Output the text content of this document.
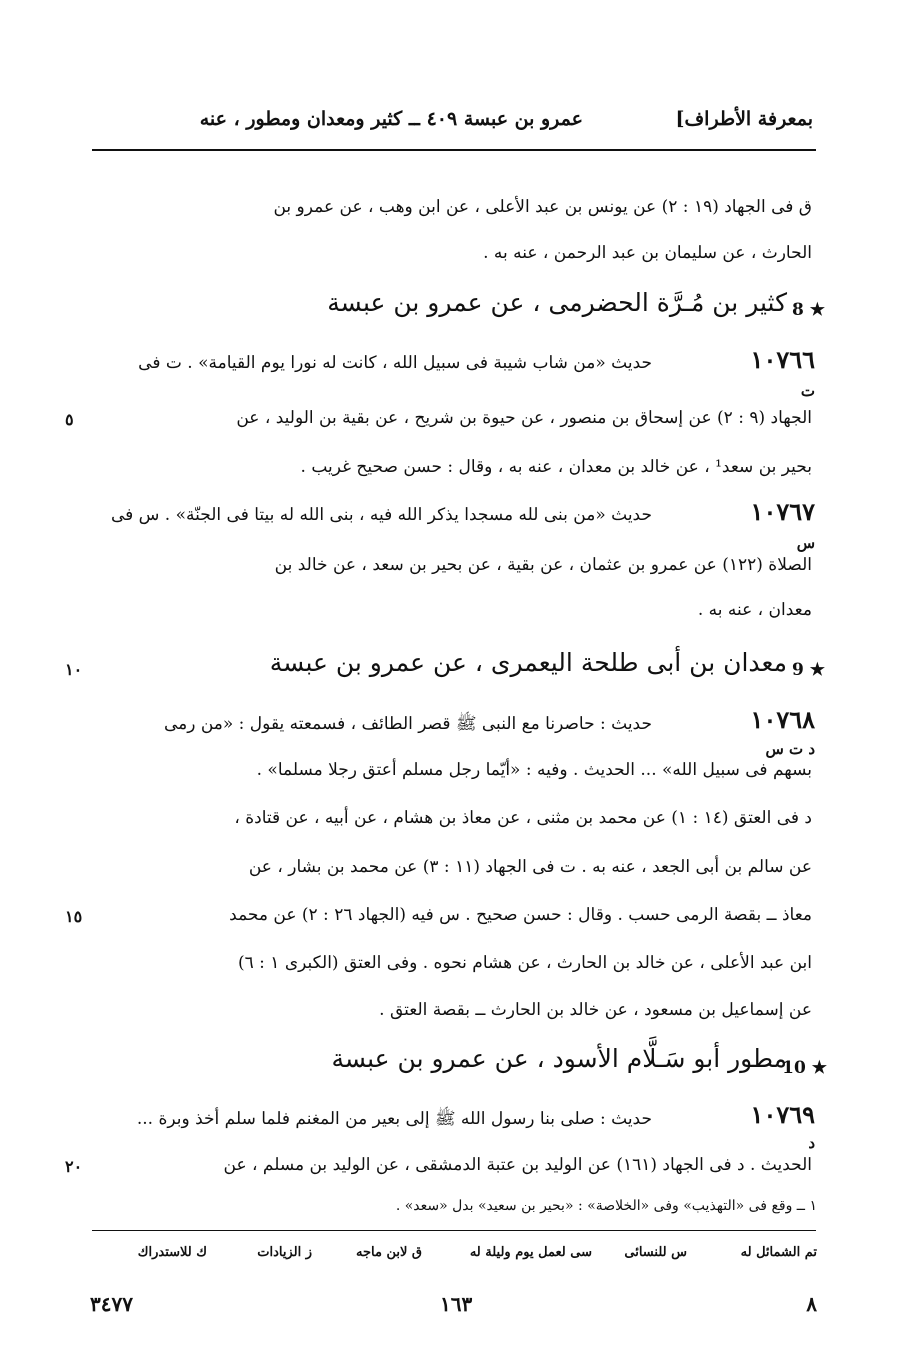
بمعرفة الأطراف]
عمرو بن عبسة ٤٠٩ ــ كثير ومعدان ومطور ، عنه
ق فى الجهاد (١٩ : ٢) عن يونس بن عبد الأعلى ، عن ابن وهب ، عن عمرو بن
الحارث ، عن سليمان بن عبد الرحمن ، عنه به .
8 ★
كثير بن مُـرَّة الحضرمى ، عن عمرو بن عبسة
١٠٧٦٦
ت
حديث «من شاب شيبة فى سبيل الله ، كانت له نورا يوم القيامة» . ت فى
الجهاد (٩ : ٢) عن إسحاق بن منصور ، عن حيوة بن شريح ، عن بقية بن الوليد ، عن
بحير بن سعد¹ ، عن خالد بن معدان ، عنه به ، وقال : حسن صحيح غريب .
٥
١٠٧٦٧
س
حديث «من بنى لله مسجدا يذكر الله فيه ، بنى الله له بيتا فى الجنّة» . س فى
الصلاة (١٢٢) عن عمرو بن عثمان ، عن بقية ، عن بحير بن سعد ، عن خالد بن
معدان ، عنه به .
9 ★
معدان بن أبى طلحة اليعمرى ، عن عمرو بن عبسة
١٠
١٠٧٦٨
د ت س
حديث : حاصرنا مع النبى ﷺ قصر الطائف ، فسمعته يقول : «من رمى
بسهم فى سبيل الله» ... الحديث . وفيه : «أيّما رجل مسلم أعتق رجلا مسلما» .
د فى العتق (١٤ : ١) عن محمد بن مثنى ، عن معاذ بن هشام ، عن أبيه ، عن قتادة ،
عن سالم بن أبى الجعد ، عنه به . ت فى الجهاد (١١ : ٣) عن محمد بن بشار ، عن
معاذ ــ بقصة الرمى حسب . وقال : حسن صحيح . س فيه (الجهاد ٢٦ : ٢) عن محمد
ابن عبد الأعلى ، عن خالد بن الحارث ، عن هشام نحوه . وفى العتق (الكبرى ١ : ٦)
عن إسماعيل بن مسعود ، عن خالد بن الحارث ــ بقصة العتق .
١٥
10 ★
مطور أبو سَـلَّام الأسود ، عن عمرو بن عبسة
١٠٧٦٩
د
حديث : صلى بنا رسول الله ﷺ إلى بعير من المغنم فلما سلم أخذ وبرة ...
الحديث . د فى الجهاد (١٦١) عن الوليد بن عتبة الدمشقى ، عن الوليد بن مسلم ، عن
٢٠
١ ــ وقع فى «التهذيب» وفى «الخلاصة» : «بحير بن سعيد» بدل «سعد» .
تم الشمائل له
س للنسائى
سى لعمل يوم وليلة له
ق لابن ماجه
ز الزيادات
ك للاستدراك
٣٤٧٧	١٦٣	٨
